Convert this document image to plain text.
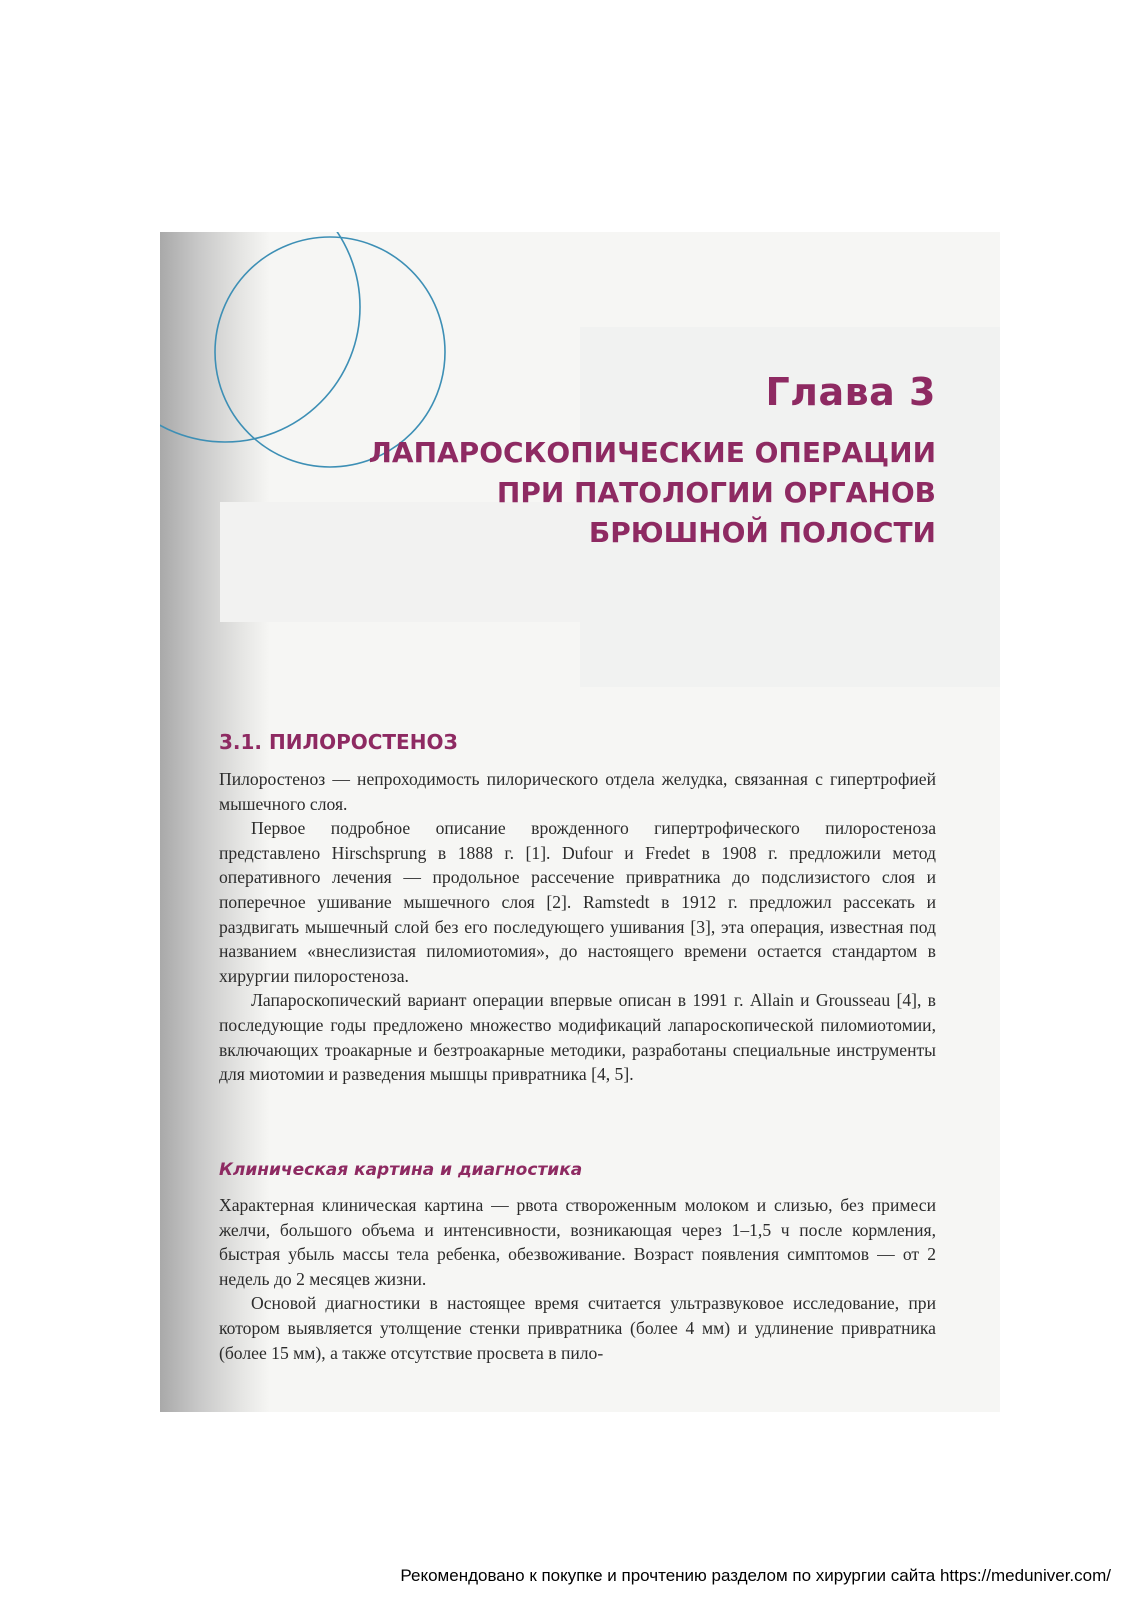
Глава 3
ЛАПАРОСКОПИЧЕСКИЕ ОПЕРАЦИИ
ПРИ ПАТОЛОГИИ ОРГАНОВ
БРЮШНОЙ ПОЛОСТИ
3.1. ПИЛОРОСТЕНОЗ

Пилоростеноз — непроходимость пилорического отдела желудка, связанная с гипертрофией мышечного слоя.

Первое подробное описание врожденного гипертрофического пилоростеноза представлено Hirschsprung в 1888 г. [1]. Dufour и Fredet в 1908 г. предложили метод оперативного лечения — продольное рассечение привратника до подслизистого слоя и поперечное ушивание мышечного слоя [2]. Ramstedt в 1912 г. предложил рассекать и раздвигать мышечный слой без его последующего ушивания [3], эта операция, известная под названием «внеслизистая пиломиотомия», до настоящего времени остается стандартом в хирургии пилоростеноза.

Лапароскопический вариант операции впервые описан в 1991 г. Allain и Grousseau [4], в последующие годы предложено множество модификаций лапароскопической пиломиотомии, включающих троакарные и безтроакарные методики, разработаны специальные инструменты для миотомии и разведения мышцы привратника [4, 5].

Клиническая картина и диагностика

Характерная клиническая картина — рвота створоженным молоком и слизью, без примеси желчи, большого объема и интенсивности, возникающая через 1–1,5 ч после кормления, быстрая убыль массы тела ребенка, обезвоживание. Возраст появления симптомов — от 2 недель до 2 месяцев жизни.

Основой диагностики в настоящее время считается ультразвуковое исследование, при котором выявляется утолщение стенки привратника (более 4 мм) и удлинение привратника (более 15 мм), а также отсутствие просвета в пило-

Рекомендовано к покупке и прочтению разделом по хирургии сайта https://meduniver.com/
